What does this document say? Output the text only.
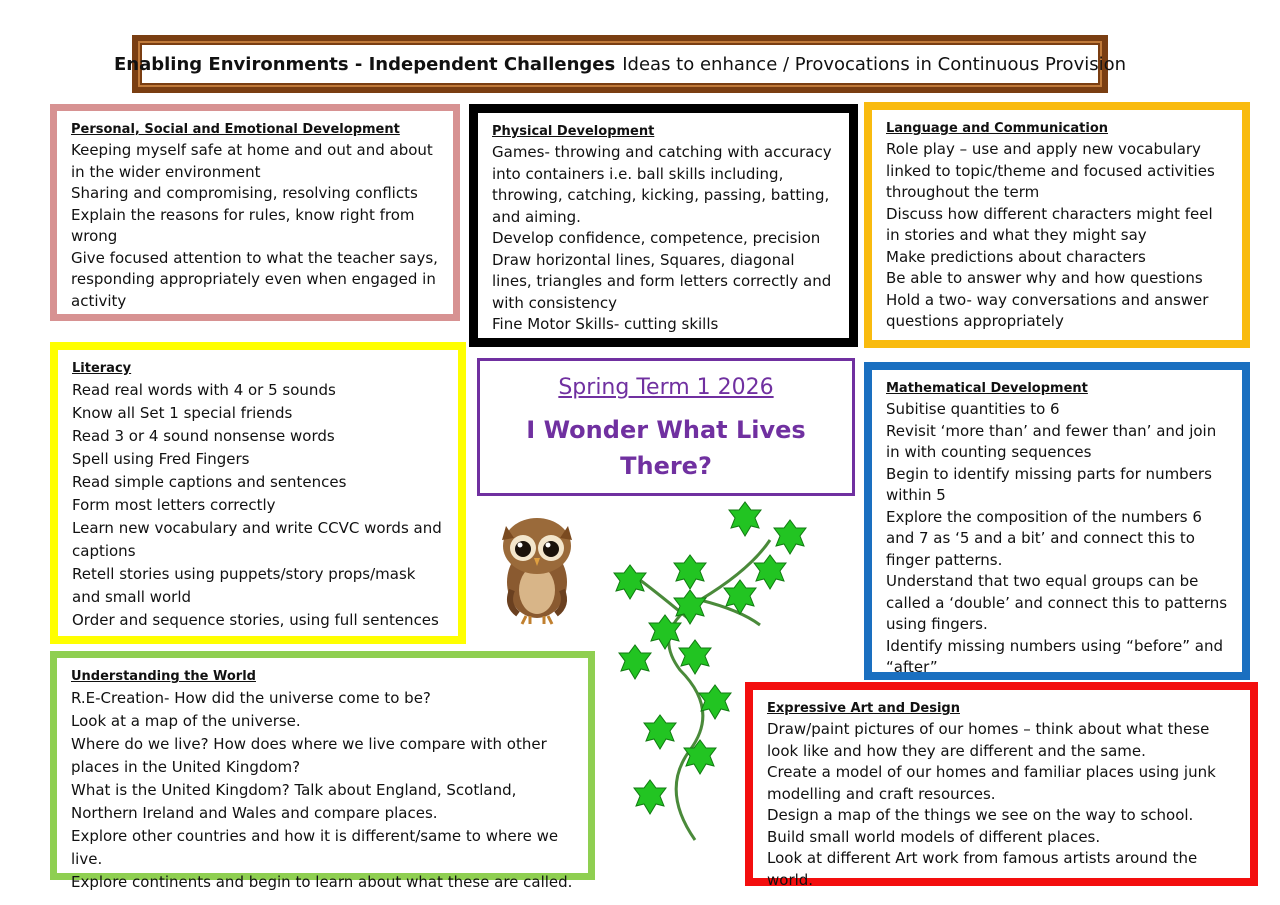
Enabling Environments - Independent Challenges Ideas to enhance / Provocations in Continuous Provision
Personal, Social and Emotional Development
Keeping myself safe at home and out and about in the wider environment
Sharing and compromising, resolving conflicts
Explain the reasons for rules, know right from wrong
Give focused attention to what the teacher says, responding appropriately even when engaged in activity
Physical Development
Games- throwing and catching with accuracy into containers i.e. ball skills including, throwing, catching, kicking, passing, batting, and aiming.
Develop confidence, competence, precision
Draw horizontal lines, Squares, diagonal lines, triangles and form letters correctly and with consistency
Fine Motor Skills- cutting skills
Language and Communication
Role play – use and apply new vocabulary linked to topic/theme and focused activities throughout the term
Discuss how different characters might feel in stories and what they might say
Make predictions about characters
Be able to answer why and how questions
Hold a two- way conversations and answer questions appropriately
Literacy
Read real words with 4 or 5 sounds
Know all Set 1 special friends
Read 3 or 4 sound nonsense words
Spell using Fred Fingers
Read simple captions and sentences
Form most letters correctly
Learn new vocabulary and write CCVC words and captions
Retell stories using puppets/story props/mask and small world
Order and sequence stories, using full sentences
Spring Term 1 2026
I Wonder What Lives There?
Mathematical Development
Subitise quantities to 6
Revisit ‘more than’ and fewer than’ and join in with counting sequences
Begin to identify missing parts for numbers within 5
Explore the composition of the numbers 6 and 7 as ‘5 and a bit’ and connect this to finger patterns.
Understand that two equal groups can be called a ‘double’ and connect this to patterns using fingers.
Identify missing numbers using “before” and “after”
Understanding the World
R.E-Creation- How did the universe come to be?
Look at a map of the universe.
Where do we live? How does where we live compare with other places in the United Kingdom?
What is the United Kingdom? Talk about England, Scotland, Northern Ireland and Wales and compare places.
Explore other countries and how it is different/same to where we live.
Explore continents and begin to learn about what these are called.
Expressive Art and Design
Draw/paint pictures of our homes – think about what these look like and how they are different and the same.
Create a model of our homes and familiar places using junk modelling and craft resources.
Design a map of the things we see on the way to school.
Build small world models of different places.
Look at different Art work from famous artists around the world.
